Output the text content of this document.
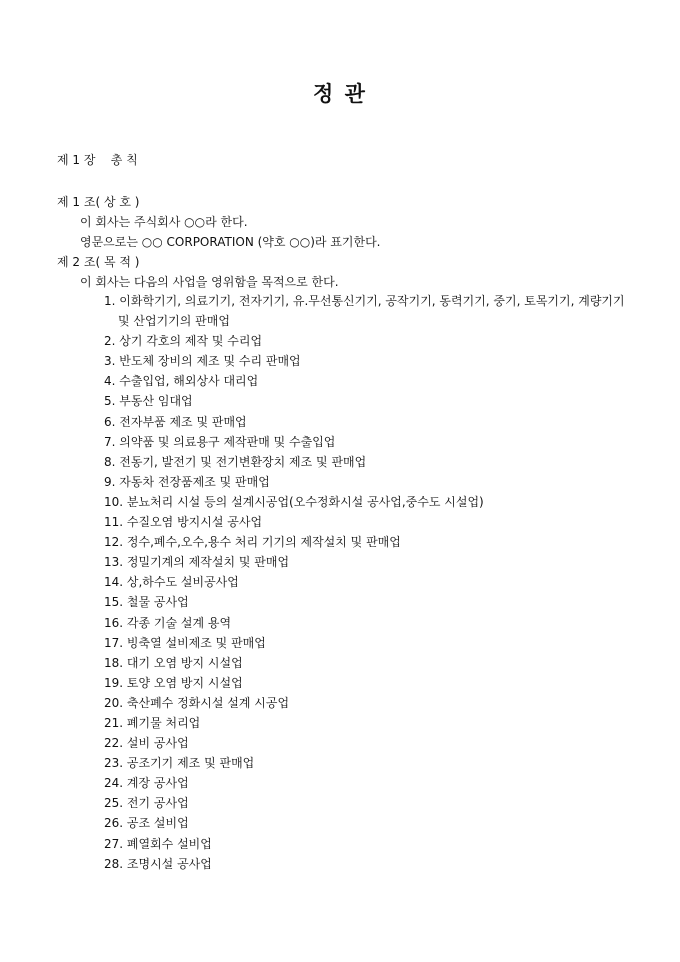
정 관
제 1 장    총 칙
제 1 조( 상 호 )
이 회사는 주식회사 ○○라 한다.
영문으로는 ○○ CORPORATION (약호 ○○)라 표기한다.
제 2 조( 목 적 )
이 회사는 다음의 사업을 영위함을 목적으로 한다.
1. 이화학기기, 의료기기, 전자기기, 유.무선통신기기, 공작기기, 동력기기, 중기, 토목기기, 계량기기 및 산업기기의 판매업
2. 상기 각호의 제작 및 수리업
3. 반도체 장비의 제조 및 수리 판매업
4. 수출입업, 해외상사 대리업
5. 부동산 임대업
6. 전자부품 제조 및 판매업
7. 의약품 및 의료용구 제작판매 및 수출입업
8. 전동기, 발전기 및 전기변환장치 제조 및 판매업
9. 자동차 전장품제조 및 판매업
10. 분뇨처리 시설 등의 설계시공업(오수정화시설 공사업,중수도 시설업)
11. 수질오염 방지시설 공사업
12. 정수,폐수,오수,용수 처리 기기의 제작설치 및 판매업
13. 정밀기계의 제작설치 및 판매업
14. 상,하수도 설비공사업
15. 철물 공사업
16. 각종 기술 설계 용역
17. 빙축열 설비제조 및 판매업
18. 대기 오염 방지 시설업
19. 토양 오염 방지 시설업
20. 축산폐수 정화시설 설계 시공업
21. 폐기물 처리업
22. 설비 공사업
23. 공조기기 제조 및 판매업
24. 계장 공사업
25. 전기 공사업
26. 공조 설비업
27. 폐열회수 설비업
28. 조명시설 공사업
